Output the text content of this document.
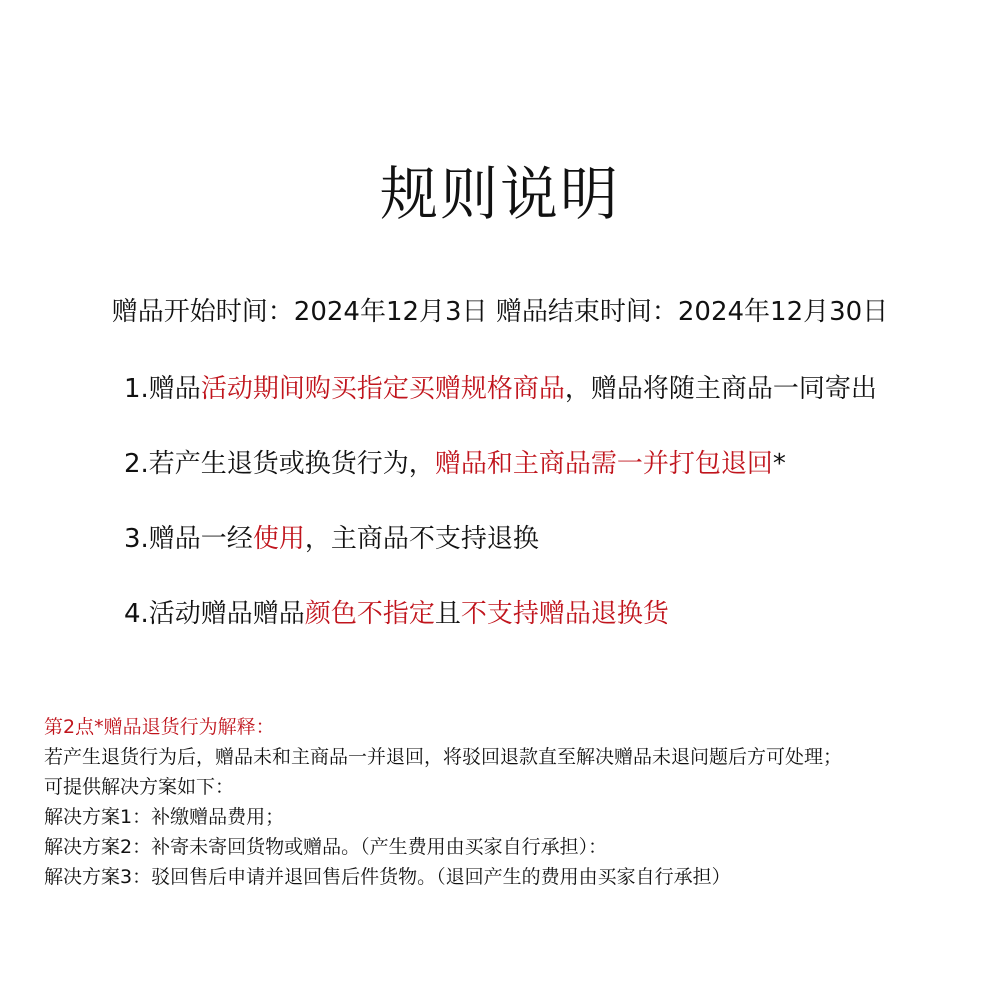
规则说明
赠品开始时间：2024年12月3日 赠品结束时间：2024年12月30日
1.赠品活动期间购买指定买赠规格商品，赠品将随主商品一同寄出
2.若产生退货或换货行为，赠品和主商品需一并打包退回*
3.赠品一经使用，主商品不支持退换
4.活动赠品赠品颜色不指定且不支持赠品退换货
第2点*赠品退货行为解释：
若产生退货行为后，赠品未和主商品一并退回，将驳回退款直至解决赠品未退问题后方可处理；
可提供解决方案如下：
解决方案1：补缴赠品费用；
解决方案2：补寄未寄回货物或赠品。（产生费用由买家自行承担）：
解决方案3：驳回售后申请并退回售后件货物。（退回产生的费用由买家自行承担）
